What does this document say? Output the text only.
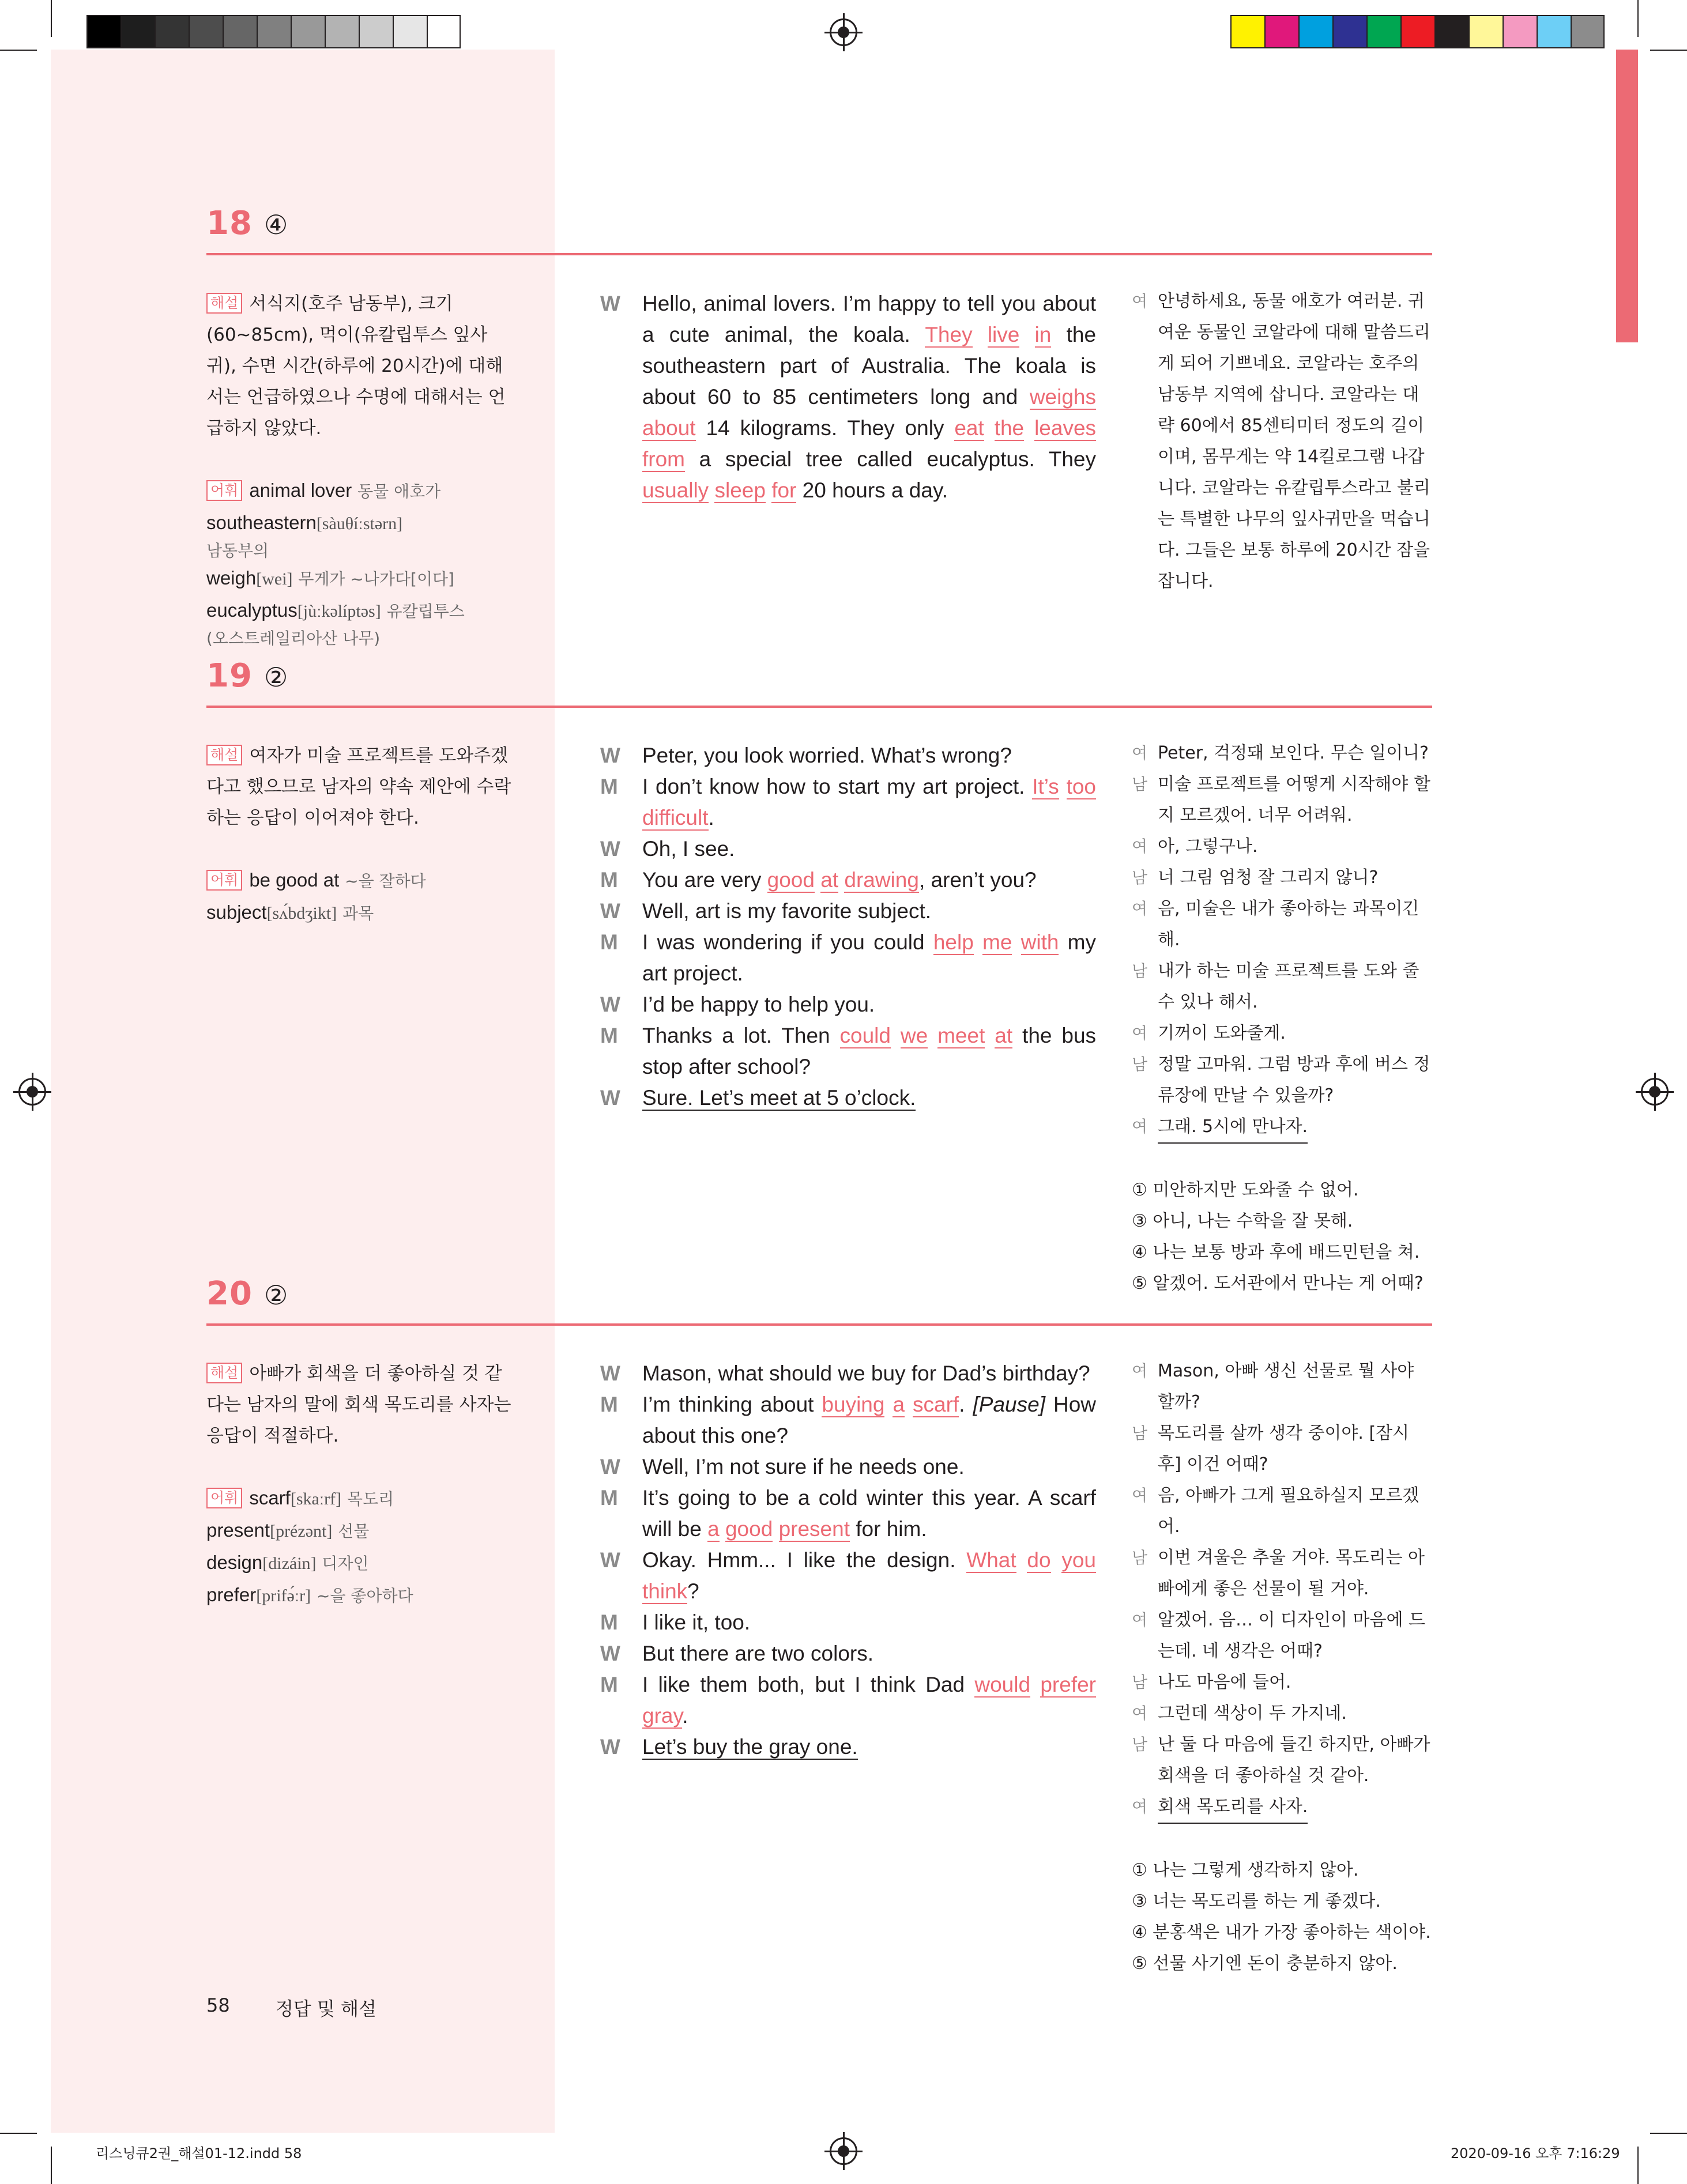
18 ④
해설 서식지(호주 남동부), 크기(60~85cm), 먹이(유칼립투스 잎사귀), 수면 시간(하루에 20시간)에 대해서는 언급하였으나 수명에 대해서는 언급하지 않았다.
어휘 animal lover 동물 애호가
southeastern[sàuθíːstərn]
남동부의
weigh[wei] 무게가 ~나가다[이다]
eucalyptus[jùːkəlíptəs] 유칼립투스
(오스트레일리아산 나무)
W	Hello, animal lovers. I’m happy to tell you about a cute animal, the koala. They live in the southeastern part of Australia. The koala is about 60 to 85 centimeters long and weighs about 14 kilograms. They only eat the leaves from a special tree called eucalyptus. They usually sleep for 20 hours a day.
여 안녕하세요, 동물 애호가 여러분. 귀여운 동물인 코알라에 대해 말씀드리게 되어 기쁘네요. 코알라는 호주의 남동부 지역에 삽니다. 코알라는 대략 60에서 85센티미터 정도의 길이이며, 몸무게는 약 14킬로그램 나갑니다. 코알라는 유칼립투스라고 불리는 특별한 나무의 잎사귀만을 먹습니다. 그들은 보통 하루에 20시간 잠을 잡니다.
19 ②
해설 여자가 미술 프로젝트를 도와주겠다고 했으므로 남자의 약속 제안에 수락하는 응답이 이어져야 한다.
어휘 be good at ~을 잘하다
subject[sʌ́bdʒikt] 과목
W	Peter, you look worried. What’s wrong?
M	I don’t know how to start my art project. It’s too difficult.
W	Oh, I see.
M	You are very good at drawing, aren’t you?
W	Well, art is my favorite subject.
M	I was wondering if you could help me with my art project.
W	I’d be happy to help you.
M	Thanks a lot. Then could we meet at the bus stop after school?
W	Sure. Let’s meet at 5 o’clock.
여 Peter, 걱정돼 보인다. 무슨 일이니?
남 미술 프로젝트를 어떻게 시작해야 할지 모르겠어. 너무 어려워.
여 아, 그렇구나.
남 너 그림 엄청 잘 그리지 않니?
여 음, 미술은 내가 좋아하는 과목이긴 해.
남 내가 하는 미술 프로젝트를 도와 줄 수 있나 해서.
여 기꺼이 도와줄게.
남 정말 고마워. 그럼 방과 후에 버스 정류장에 만날 수 있을까?
여 그래. 5시에 만나자.
① 미안하지만 도와줄 수 없어.
③ 아니, 나는 수학을 잘 못해.
④ 나는 보통 방과 후에 배드민턴을 쳐.
⑤ 알겠어. 도서관에서 만나는 게 어때?
20 ②
해설 아빠가 회색을 더 좋아하실 것 같다는 남자의 말에 회색 목도리를 사자는 응답이 적절하다.
어휘 scarf[skaːrf] 목도리
present[prézənt] 선물
design[dizáin] 디자인
prefer[prifə́ːr] ~을 좋아하다
W	Mason, what should we buy for Dad’s birthday?
M	I’m thinking about buying a scarf. [Pause] How about this one?
W	Well, I’m not sure if he needs one.
M	It’s going to be a cold winter this year. A scarf will be a good present for him.
W	Okay. Hmm... I like the design. What do you think?
M	I like it, too.
W	But there are two colors.
M	I like them both, but I think Dad would prefer gray.
W	Let’s buy the gray one.
여 Mason, 아빠 생신 선물로 뭘 사야 할까?
남 목도리를 살까 생각 중이야. [잠시 후] 이건 어때?
여 음, 아빠가 그게 필요하실지 모르겠어.
남 이번 겨울은 추울 거야. 목도리는 아빠에게 좋은 선물이 될 거야.
여 알겠어. 음… 이 디자인이 마음에 드는데. 네 생각은 어때?
남 나도 마음에 들어.
여 그런데 색상이 두 가지네.
남 난 둘 다 마음에 들긴 하지만, 아빠가 회색을 더 좋아하실 것 같아.
여 회색 목도리를 사자.
① 나는 그렇게 생각하지 않아.
③ 너는 목도리를 하는 게 좋겠다.
④ 분홍색은 내가 가장 좋아하는 색이야.
⑤ 선물 사기엔 돈이 충분하지 않아.
58 정답 및 해설
리스닝큐2권_해설01-12.indd 58	2020-09-16 오후 7:16:29
